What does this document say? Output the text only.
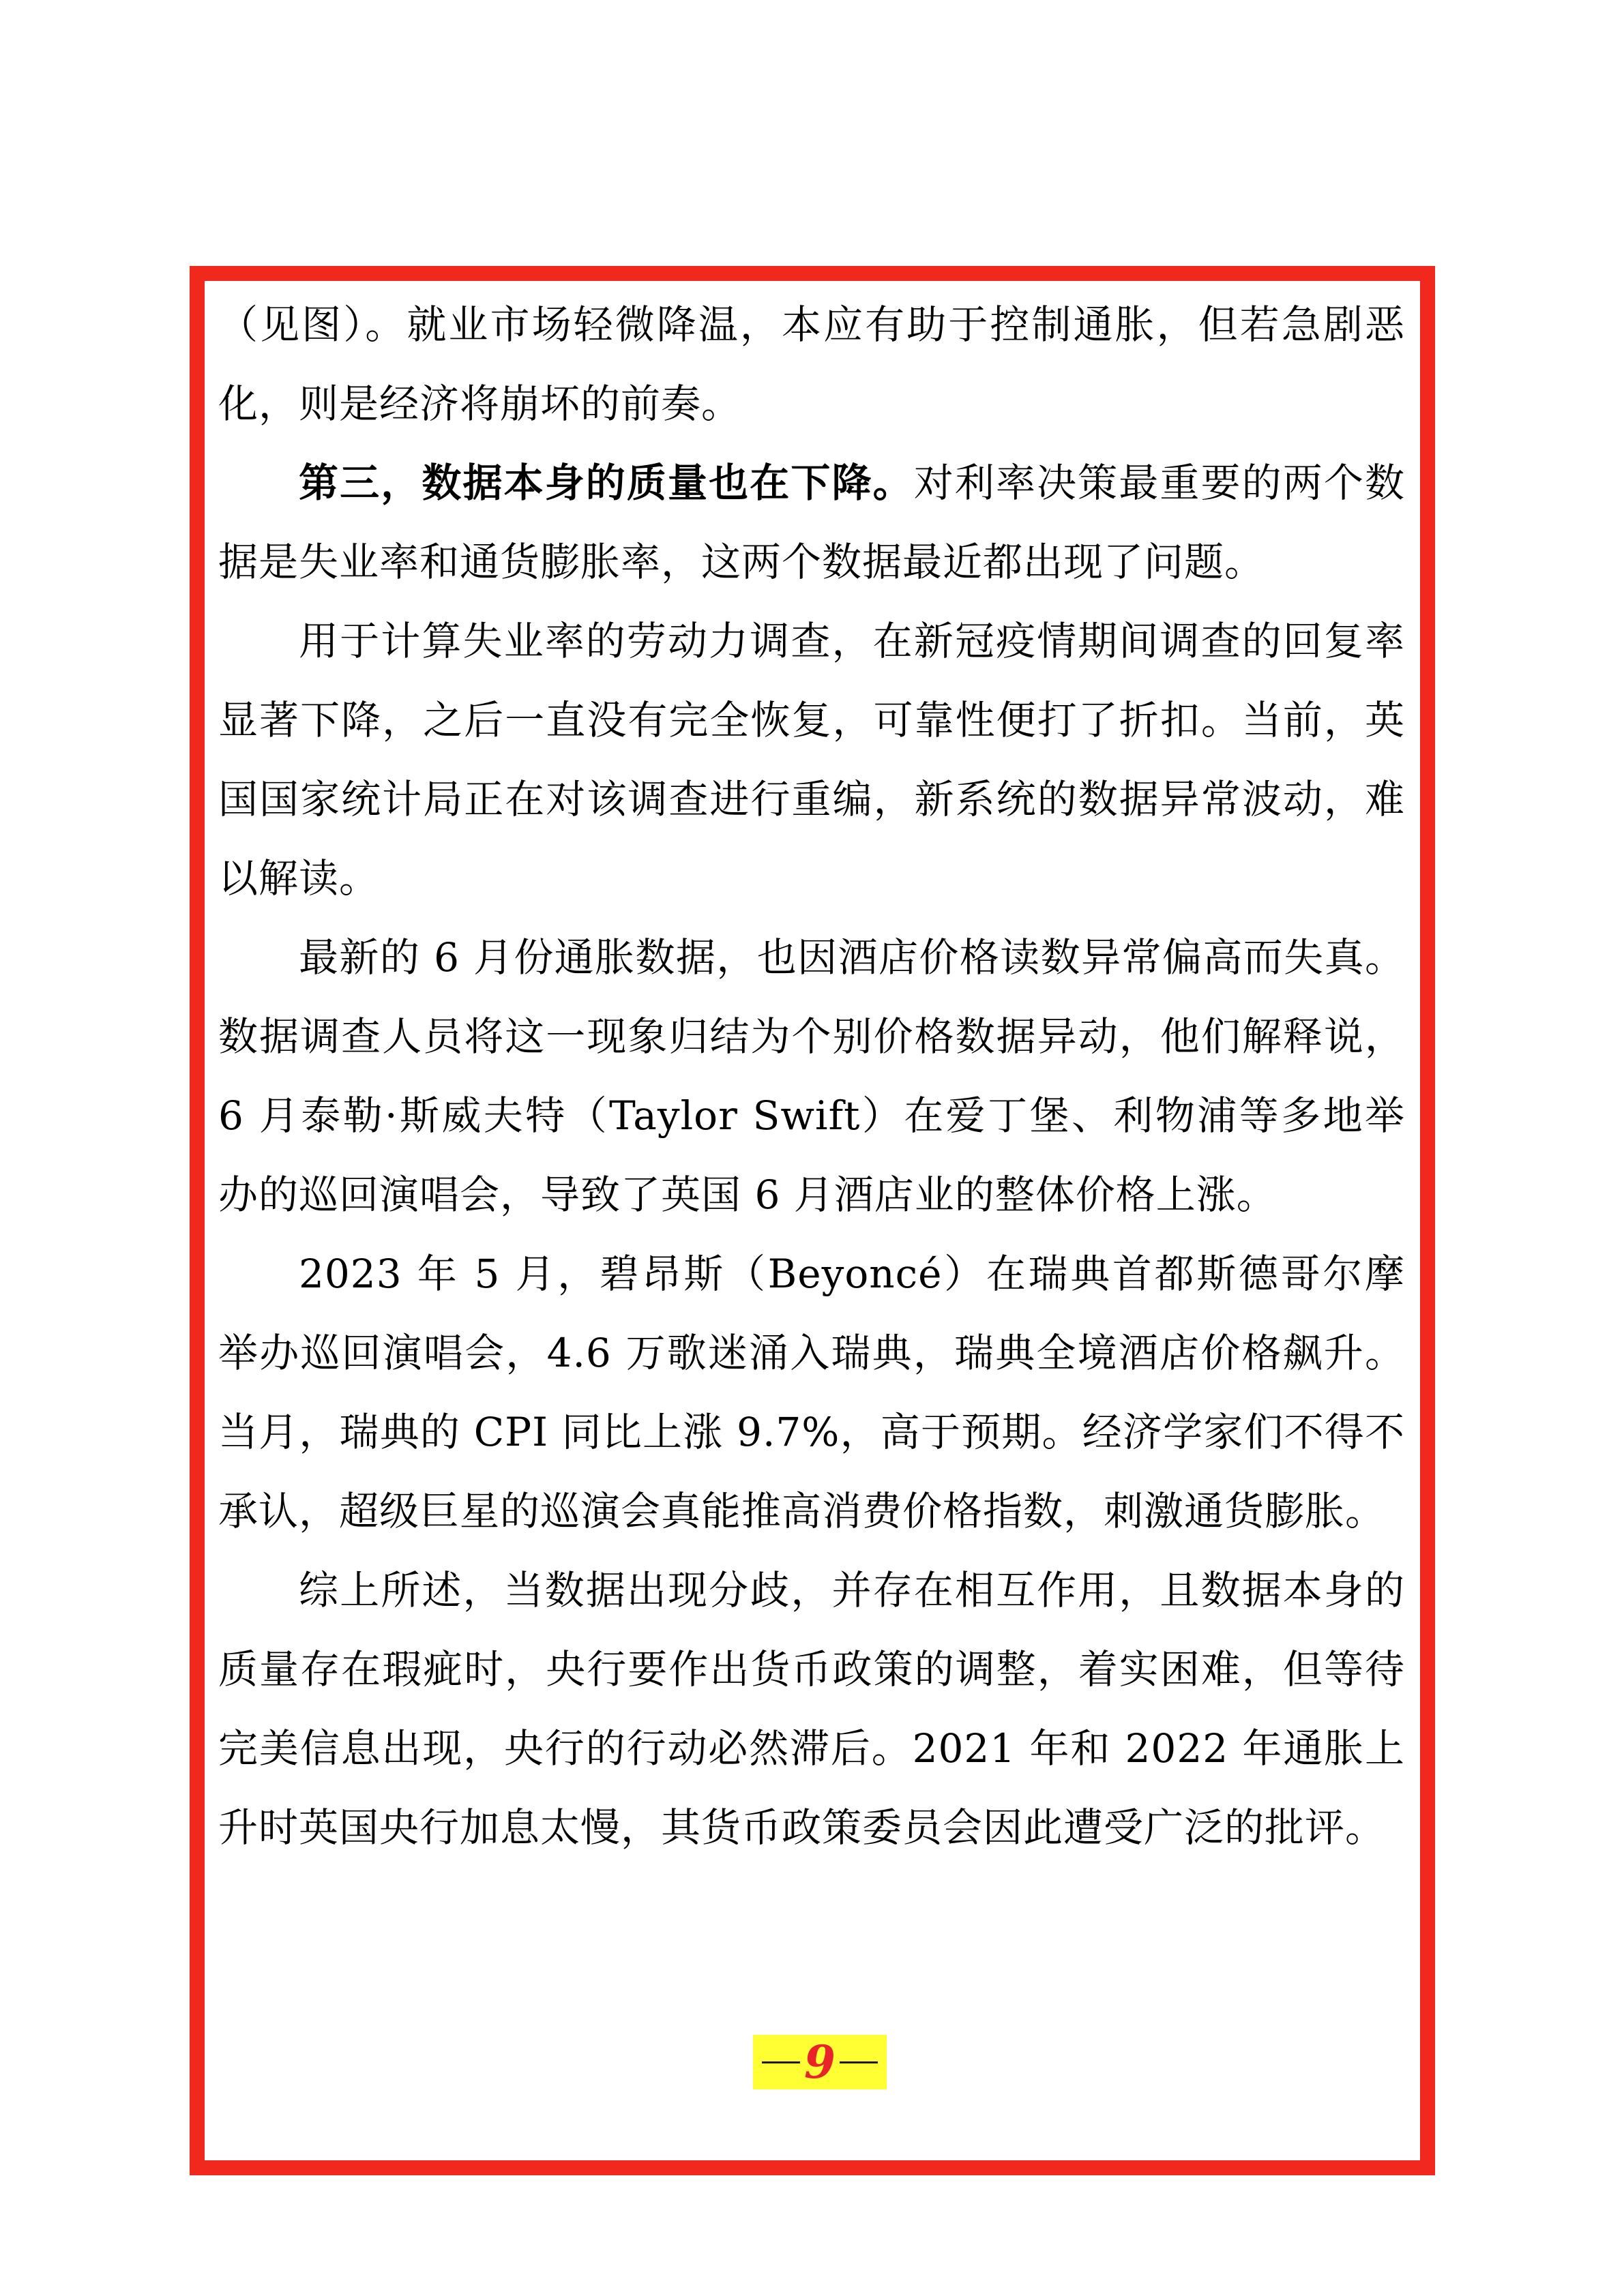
（见图）。就业市场轻微降温，本应有助于控制通胀，但若急剧恶化，则是经济将崩坏的前奏。

第三，数据本身的质量也在下降。对利率决策最重要的两个数据是失业率和通货膨胀率，这两个数据最近都出现了问题。

用于计算失业率的劳动力调查，在新冠疫情期间调查的回复率显著下降，之后一直没有完全恢复，可靠性便打了折扣。当前，英国国家统计局正在对该调查进行重编，新系统的数据异常波动，难以解读。

最新的 6 月份通胀数据，也因酒店价格读数异常偏高而失真。数据调查人员将这一现象归结为个别价格数据异动，他们解释说，6 月泰勒·斯威夫特（Taylor Swift）在爱丁堡、利物浦等多地举办的巡回演唱会，导致了英国 6 月酒店业的整体价格上涨。

2023 年 5 月，碧昂斯（Beyoncé）在瑞典首都斯德哥尔摩举办巡回演唱会，4.6 万歌迷涌入瑞典，瑞典全境酒店价格飙升。当月，瑞典的 CPI 同比上涨 9.7%，高于预期。经济学家们不得不承认，超级巨星的巡演会真能推高消费价格指数，刺激通货膨胀。

综上所述，当数据出现分歧，并存在相互作用，且数据本身的质量存在瑕疵时，央行要作出货币政策的调整，着实困难，但等待完美信息出现，央行的行动必然滞后。2021 年和 2022 年通胀上升时英国央行加息太慢，其货币政策委员会因此遭受广泛的批评。

9
